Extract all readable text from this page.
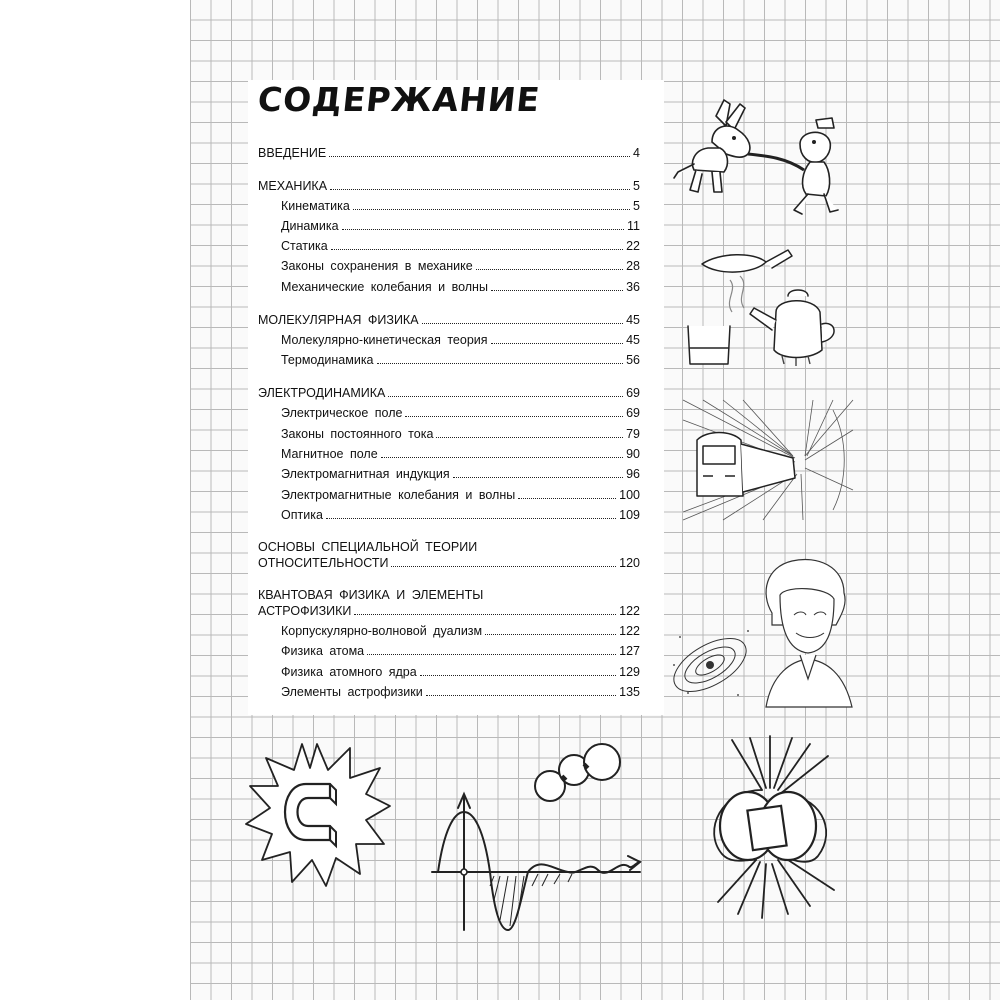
СОДЕРЖАНИЕ
ВВЕДЕНИЕ	4
МЕХАНИКА	5
Кинематика	5
Динамика	11
Статика	22
Законы сохранения в механике	28
Механические колебания и волны	36
МОЛЕКУЛЯРНАЯ ФИЗИКА	45
Молекулярно-кинетическая теория	45
Термодинамика	56
ЭЛЕКТРОДИНАМИКА	69
Электрическое поле	69
Законы постоянного тока	79
Магнитное поле	90
Электромагнитная индукция	96
Электромагнитные колебания и волны	100
Оптика	109
ОСНОВЫ СПЕЦИАЛЬНОЙ ТЕОРИИ
ОТНОСИТЕЛЬНОСТИ	120
КВАНТОВАЯ ФИЗИКА И ЭЛЕМЕНТЫ
АСТРОФИЗИКИ	122
Корпускулярно-волновой дуализм	122
Физика атома	127
Физика атомного ядра	129
Элементы астрофизики	135
